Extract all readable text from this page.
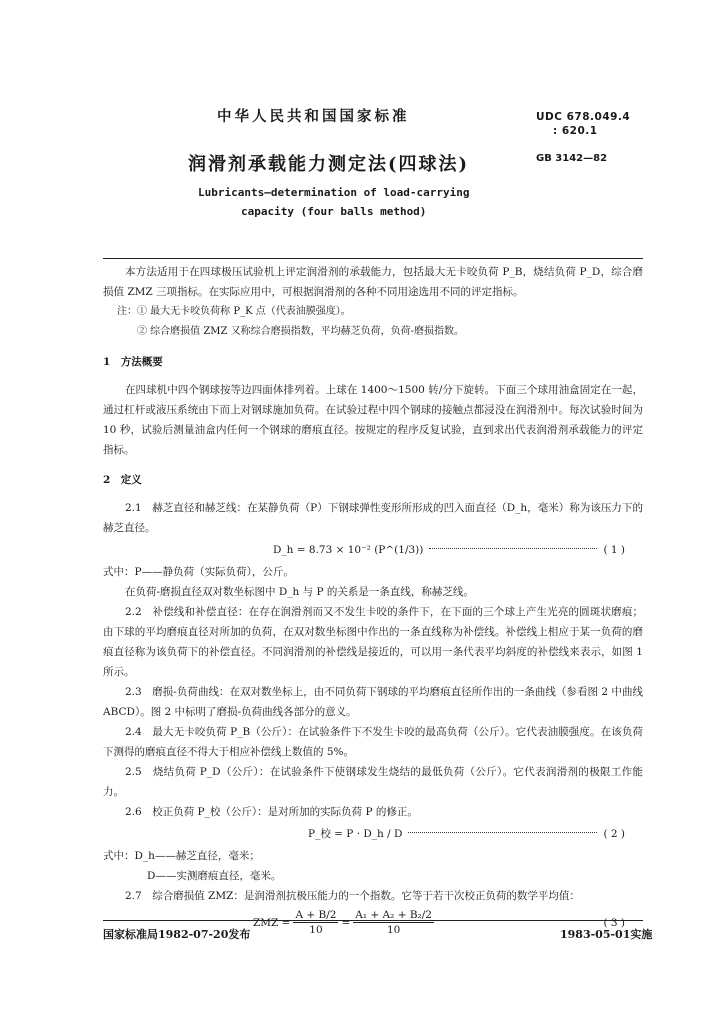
中华人民共和国国家标准	UDC 678.049.4
: 620.1
润滑剂承载能力测定法(四球法)	GB 3142—82
Lubricants—determination of load-carrying
capacity (four balls method)

本方法适用于在四球极压试验机上评定润滑剂的承载能力，包括最大无卡咬负荷 P_B，烧结负荷 P_D，综合磨损值 ZMZ 三项指标。在实际应用中，可根据润滑剂的各种不同用途选用不同的评定指标。

注：① 最大无卡咬负荷称 P_K 点（代表油膜强度）。

② 综合磨损值 ZMZ 又称综合磨损指数，平均赫芝负荷，负荷-磨损指数。

1　方法概要

在四球机中四个钢球按等边四面体排列着。上球在 1400～1500 转/分下旋转。下面三个球用油盒固定在一起，通过杠杆或液压系统由下而上对钢球施加负荷。在试验过程中四个钢球的接触点都浸没在润滑剂中。每次试验时间为 10 秒，试验后测量油盒内任何一个钢球的磨痕直径。按规定的程序反复试验，直到求出代表润滑剂承载能力的评定指标。

2　定义

2.1　赫芝直径和赫芝线：在某静负荷（P）下钢球弹性变形所形成的凹入面直径（D_h，毫米）称为该压力下的赫芝直径。

D_h = 8.73 × 10⁻² (P^(1/3))	( 1 )

式中：P——静负荷（实际负荷），公斤。

在负荷-磨损直径双对数坐标图中 D_h 与 P 的关系是一条直线，称赫芝线。

2.2　补偿线和补偿直径：在存在润滑剂而又不发生卡咬的条件下，在下面的三个球上产生光亮的圆斑状磨痕；由下球的平均磨痕直径对所加的负荷，在双对数坐标图中作出的一条直线称为补偿线。补偿线上相应于某一负荷的磨痕直径称为该负荷下的补偿直径。不同润滑剂的补偿线是接近的，可以用一条代表平均斜度的补偿线来表示，如图 1 所示。

2.3　磨损-负荷曲线：在双对数坐标上，由不同负荷下钢球的平均磨痕直径所作出的一条曲线（参看图 2 中曲线 ABCD）。图 2 中标明了磨损-负荷曲线各部分的意义。

2.4　最大无卡咬负荷 P_B（公斤）：在试验条件下不发生卡咬的最高负荷（公斤）。它代表油膜强度。在该负荷下测得的磨痕直径不得大于相应补偿线上数值的 5%。

2.5　烧结负荷 P_D（公斤）：在试验条件下使钢球发生烧结的最低负荷（公斤）。它代表润滑剂的极限工作能力。

2.6　校正负荷 P_校（公斤）：是对所加的实际负荷 P 的修正。

P_校 = P · D_h / D	( 2 )

式中：D_h——赫芝直径，毫米；

D——实测磨痕直径，毫米。

2.7　综合磨损值 ZMZ：是润滑剂抗极压能力的一个指数。它等于若干次校正负荷的数学平均值：

ZMZ = $\frac{A + B/2}{10} = \frac{\text{A₁ + A₂ + B₂/2}}{10}$	( 3 )
国家标准局1982-07-20发布	1983-05-01实施
